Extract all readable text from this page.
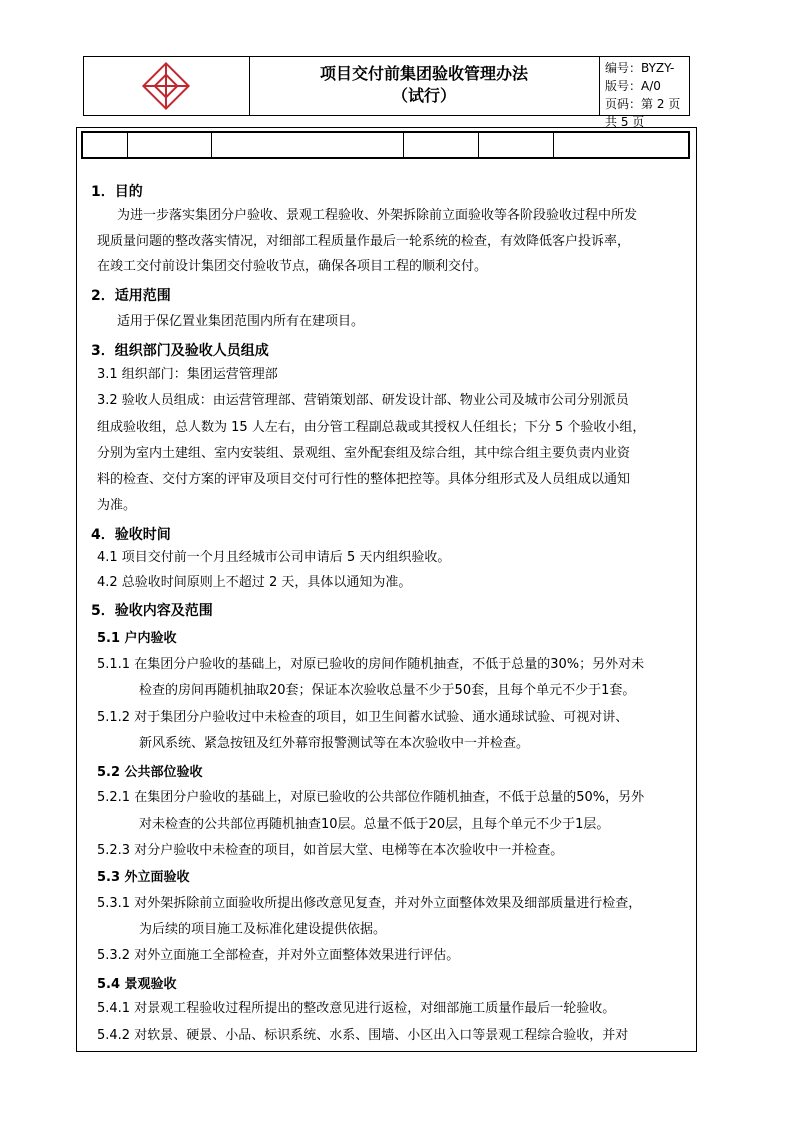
项目交付前集团验收管理办法
（试行）
编号：BYZY-
版号：A/0
页码：第 2 页 共 5 页
1．目的
为进一步落实集团分户验收、景观工程验收、外架拆除前立面验收等各阶段验收过程中所发
现质量问题的整改落实情况，对细部工程质量作最后一轮系统的检查，有效降低客户投诉率，
在竣工交付前设计集团交付验收节点，确保各项目工程的顺利交付。
2．适用范围
适用于保亿置业集团范围内所有在建项目。
3．组织部门及验收人员组成
3.1 组织部门：集团运营管理部
3.2 验收人员组成：由运营管理部、营销策划部、研发设计部、物业公司及城市公司分别派员
组成验收组，总人数为 15 人左右，由分管工程副总裁或其授权人任组长；下分 5 个验收小组，
分别为室内土建组、室内安装组、景观组、室外配套组及综合组，其中综合组主要负责内业资
料的检查、交付方案的评审及项目交付可行性的整体把控等。具体分组形式及人员组成以通知
为准。
4．验收时间
4.1 项目交付前一个月且经城市公司申请后 5 天内组织验收。
4.2 总验收时间原则上不超过 2 天，具体以通知为准。
5．验收内容及范围
5.1 户内验收
5.1.1 在集团分户验收的基础上，对原已验收的房间作随机抽查，不低于总量的30%；另外对未
检查的房间再随机抽取20套；保证本次验收总量不少于50套，且每个单元不少于1套。
5.1.2 对于集团分户验收过中未检查的项目，如卫生间蓄水试验、通水通球试验、可视对讲、
新风系统、紧急按钮及红外幕帘报警测试等在本次验收中一并检查。
5.2 公共部位验收
5.2.1 在集团分户验收的基础上，对原已验收的公共部位作随机抽查，不低于总量的50%，另外
对未检查的公共部位再随机抽查10层。总量不低于20层，且每个单元不少于1层。
5.2.3 对分户验收中未检查的项目，如首层大堂、电梯等在本次验收中一并检查。
5.3 外立面验收
5.3.1 对外架拆除前立面验收所提出修改意见复查，并对外立面整体效果及细部质量进行检查，
为后续的项目施工及标准化建设提供依据。
5.3.2 对外立面施工全部检查，并对外立面整体效果进行评估。
5.4 景观验收
5.4.1 对景观工程验收过程所提出的整改意见进行返检，对细部施工质量作最后一轮验收。
5.4.2 对软景、硬景、小品、标识系统、水系、围墙、小区出入口等景观工程综合验收，并对
